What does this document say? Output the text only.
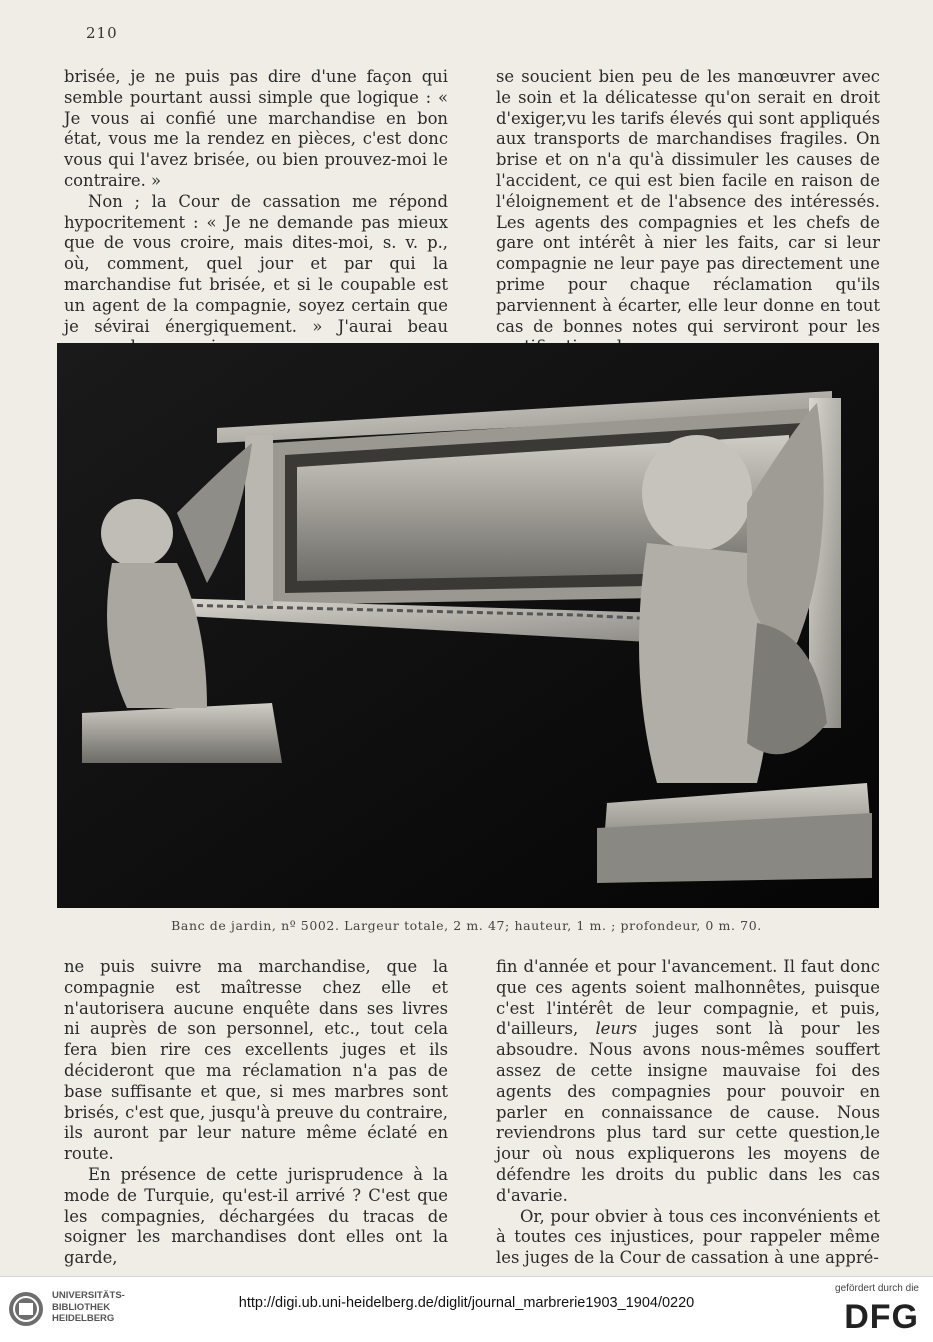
210

brisée, je ne puis pas dire d'une façon qui semble pourtant aussi simple que logique : « Je vous ai confié une marchandise en bon état, vous me la rendez en pièces, c'est donc vous qui l'avez brisée, ou bien prouvez-moi le contraire. »

Non ; la Cour de cassation me répond hypocritement : « Je ne demande pas mieux que de vous croire, mais dites-moi, s. v. p., où, comment, quel jour et par qui la marchandise fut brisée, et si le coupable est un agent de la compagnie, soyez certain que je sévirai énergiquement. » J'aurai beau

se soucient bien peu de les manœuvrer avec le soin et la délicatesse qu'on serait en droit d'exiger,vu les tarifs élevés qui sont appliqués aux transports de marchandises fragiles. On brise et on n'a qu'à dissimuler les causes de l'accident, ce qui est bien facile en raison de l'éloignement et de l'absence des intéressés. Les agents des compagnies et les chefs de gare ont intérêt à nier les faits, car si leur compagnie ne leur paye pas directement une prime pour chaque réclamation qu'ils parviennent à écarter, elle leur donne en tout cas de bonnes notes qui serviront pour les

Banc de jardin, nº 5002. Largeur totale, 2 m. 47; hauteur, 1 m. ; profondeur, 0 m. 70.

ne puis suivre ma marchandise, que la compagnie est maîtresse chez elle et n'autorisera aucune enquête dans ses livres ni auprès de son personnel, etc., tout cela fera bien rire ces excellents juges et ils décideront que ma réclamation n'a pas de base suffisante et que, si mes marbres sont brisés, c'est que, jusqu'à preuve du contraire, ils auront par leur nature même éclaté en route.

En présence de cette jurisprudence à la mode de Turquie, qu'est-il arrivé ? C'est que les compagnies, déchargées du tracas de soigner les marchandises dont elles ont la garde,

fin d'année et pour l'avancement. Il faut donc que ces agents soient malhonnêtes, puisque c'est l'intérêt de leur compagnie, et puis, d'ailleurs, leurs juges sont là pour les absoudre. Nous avons nous-mêmes souffert assez de cette insigne mauvaise foi des agents des compagnies pour pouvoir en parler en connaissance de cause. Nous reviendrons plus tard sur cette question,le jour où nous expliquerons les moyens de défendre les droits du public dans les cas d'avarie.

Or, pour obvier à tous ces inconvénients et à toutes ces injustices, pour rappeler même les juges de la Cour de cassation à une appré-

UNIVERSITÄTS-
BIBLIOTHEK
HEIDELBERG
http://digi.ub.uni-heidelberg.de/diglit/journal_marbrerie1903_1904/0220
gefördert durch die
DFG
